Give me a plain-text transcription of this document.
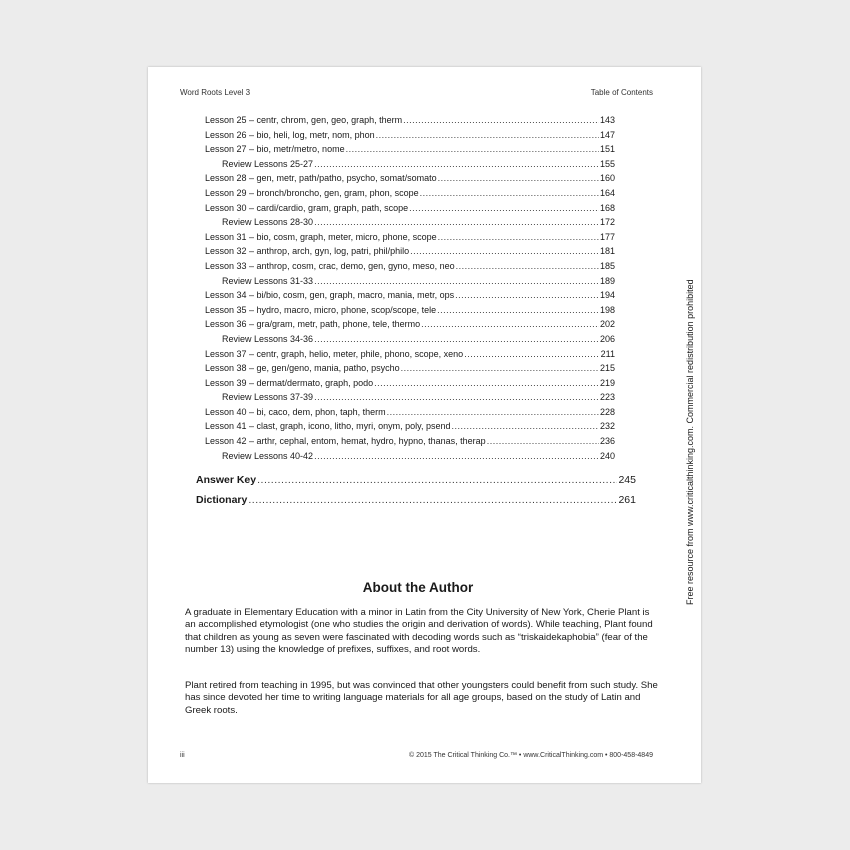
Word Roots Level 3	Table of Contents
Lesson 25 – centr, chrom, gen, geo, graph, therm .....	143
Lesson 26 – bio, heli, log, metr, nom, phon .....	147
Lesson 27 – bio, metr/metro, nome .....	151
Review Lessons 25-27 .....	155
Lesson 28 – gen, metr, path/patho, psycho, somat/somato .....	160
Lesson 29 – bronch/broncho, gen, gram, phon, scope .....	164
Lesson 30 – cardi/cardio, gram, graph, path, scope .....	168
Review Lessons 28-30 .....	172
Lesson 31 – bio, cosm, graph, meter, micro, phone, scope .....	177
Lesson 32 – anthrop, arch, gyn, log, patri, phil/philo .....	181
Lesson 33 – anthrop, cosm, crac, demo, gen, gyno, meso, neo .....	185
Review Lessons 31-33 .....	189
Lesson 34 – bi/bio, cosm, gen, graph, macro, mania, metr, ops .....	194
Lesson 35 – hydro, macro, micro, phone, scop/scope, tele .....	198
Lesson 36 – gra/gram, metr, path, phone, tele, thermo .....	202
Review Lessons 34-36 .....	206
Lesson 37 – centr, graph, helio, meter, phile, phono, scope, xeno .....	211
Lesson 38 – ge, gen/geno, mania, patho, psycho .....	215
Lesson 39 – dermat/dermato, graph, podo .....	219
Review Lessons 37-39 .....	223
Lesson 40 – bi, caco, dem, phon, taph, therm .....	228
Lesson 41 – clast, graph, icono, litho, myri, onym, poly, psend .....	232
Lesson 42 – arthr, cephal, entom, hemat, hydro, hypno, thanas, therap .....	236
Review Lessons 40-42 .....	240
Answer Key .....	245
Dictionary .....	261
About the Author
A graduate in Elementary Education with a minor in Latin from the City University of New York, Cherie Plant is an accomplished etymologist (one who studies the origin and derivation of words). While teaching, Plant found that children as young as seven were fascinated with decoding words such as “triskaidekaphobia” (fear of the number 13) using the knowledge of prefixes, suffixes, and root words.
Plant retired from teaching in 1995, but was convinced that other youngsters could benefit from such study. She has since devoted her time to writing language materials for all age groups, based on the study of Latin and Greek roots.
iii	© 2015 The Critical Thinking Co.™ • www.CriticalThinking.com • 800-458-4849
Free resource from www.criticalthinking.com. Commercial redistribution prohibited
